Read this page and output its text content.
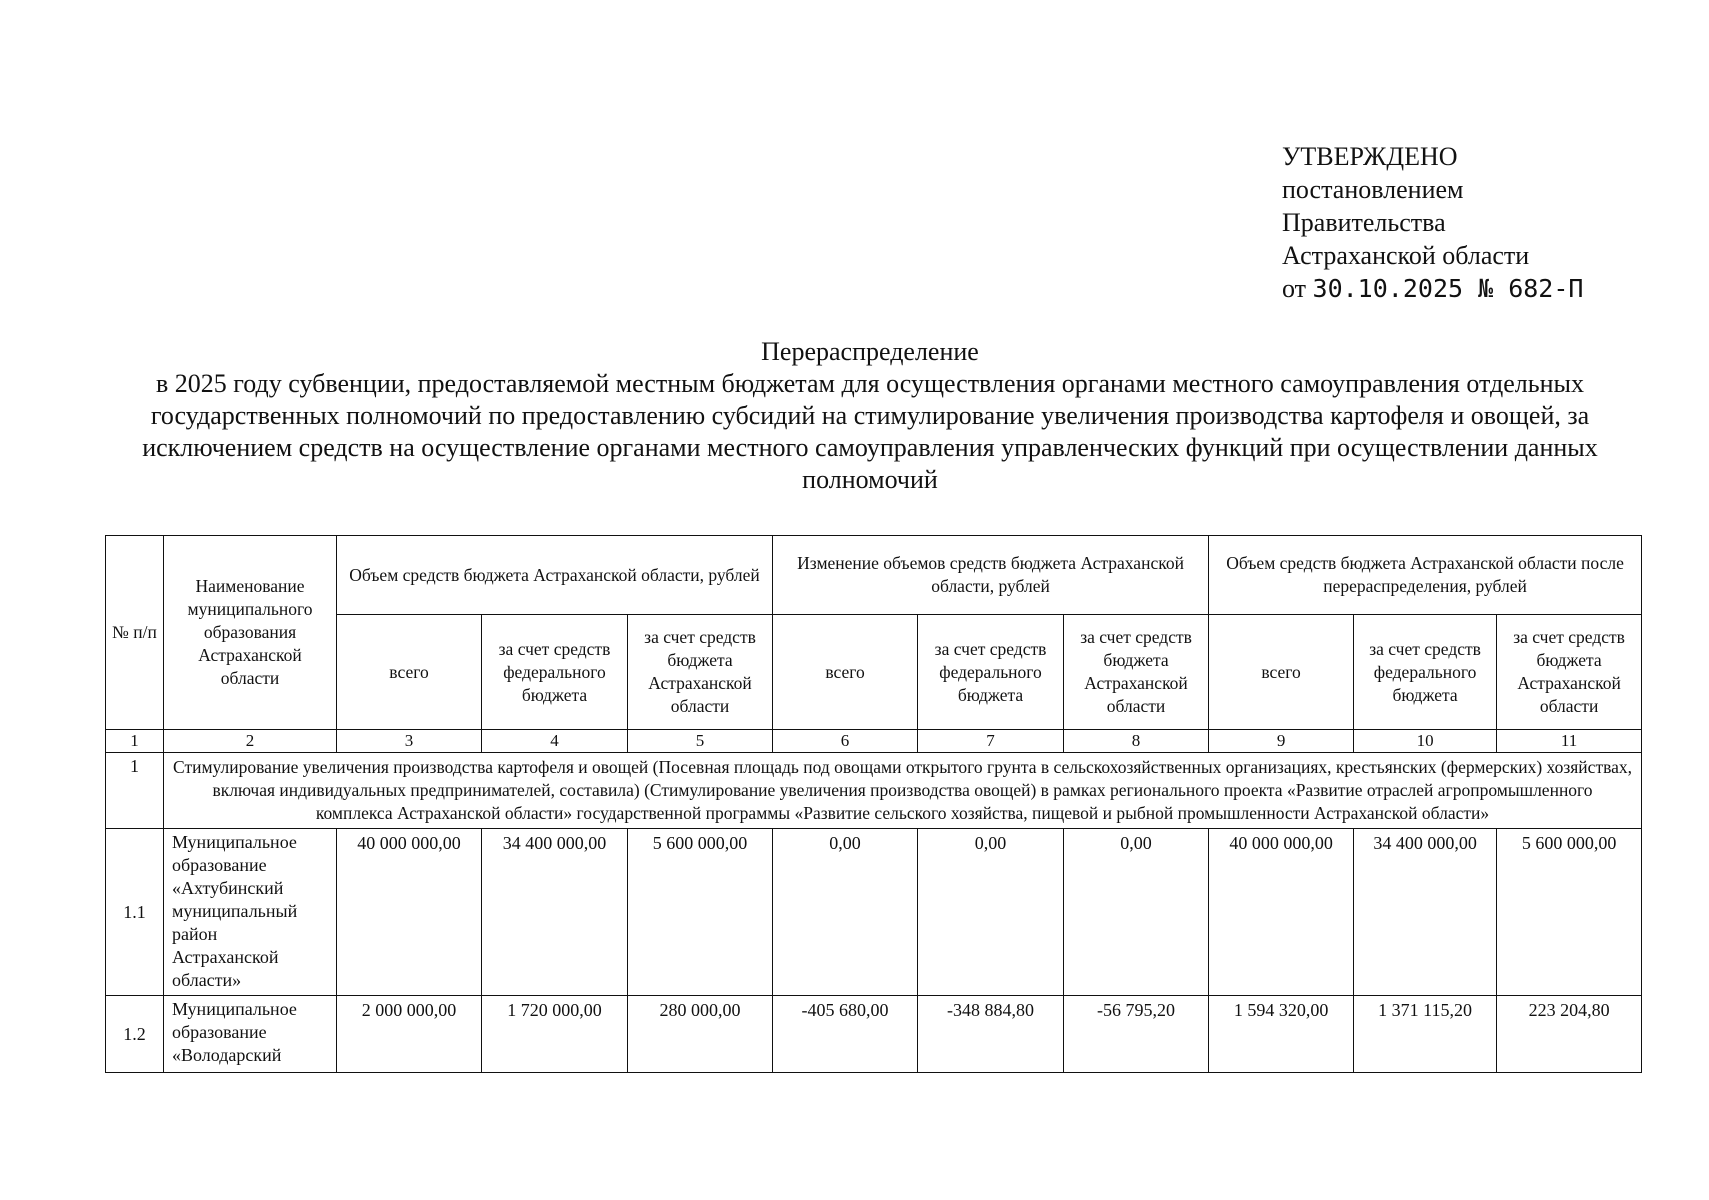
УТВЕРЖДЕНО
постановлением
Правительства
Астраханской области
от 30.10.2025 № 682-П
Перераспределение
в 2025 году субвенции, предоставляемой местным бюджетам для осуществления органами местного самоуправления отдельных государственных полномочий по предоставлению субсидий на стимулирование увеличения производства картофеля и овощей, за исключением средств на осуществление органами местного самоуправления управленческих функций при осуществлении данных полномочий
№ п/п	Наименование муниципального образования Астраханской области	Объем средств бюджета Астраханской области, рублей			Изменение объемов средств бюджета Астраханской области, рублей			Объем средств бюджета Астраханской области после перераспределения, рублей		
		всего	за счет средств федерального бюджета	за счет средств бюджета Астраханской области	всего	за счет средств федерального бюджета	за счет средств бюджета Астраханской области	всего	за счет средств федерального бюджета	за счет средств бюджета Астраханской области
1	2	3	4	5	6	7	8	9	10	11
1	Стимулирование увеличения производства картофеля и овощей (Посевная площадь под овощами открытого грунта в сельскохозяйственных организациях, крестьянских (фермерских) хозяйствах, включая индивидуальных предпринимателей, составила) (Стимулирование увеличения производства овощей) в рамках регионального проекта «Развитие отраслей агропромышленного комплекса Астраханской области» государственной программы «Развитие сельского хозяйства, пищевой и рыбной промышленности Астраханской области»									
1.1	Муниципальное образование «Ахтубинский муниципальный район Астраханской области»	40 000 000,00	34 400 000,00	5 600 000,00	0,00	0,00	0,00	40 000 000,00	34 400 000,00	5 600 000,00
1.2	Муниципальное образование «Володарский	2 000 000,00	1 720 000,00	280 000,00	-405 680,00	-348 884,80	-56 795,20	1 594 320,00	1 371 115,20	223 204,80
